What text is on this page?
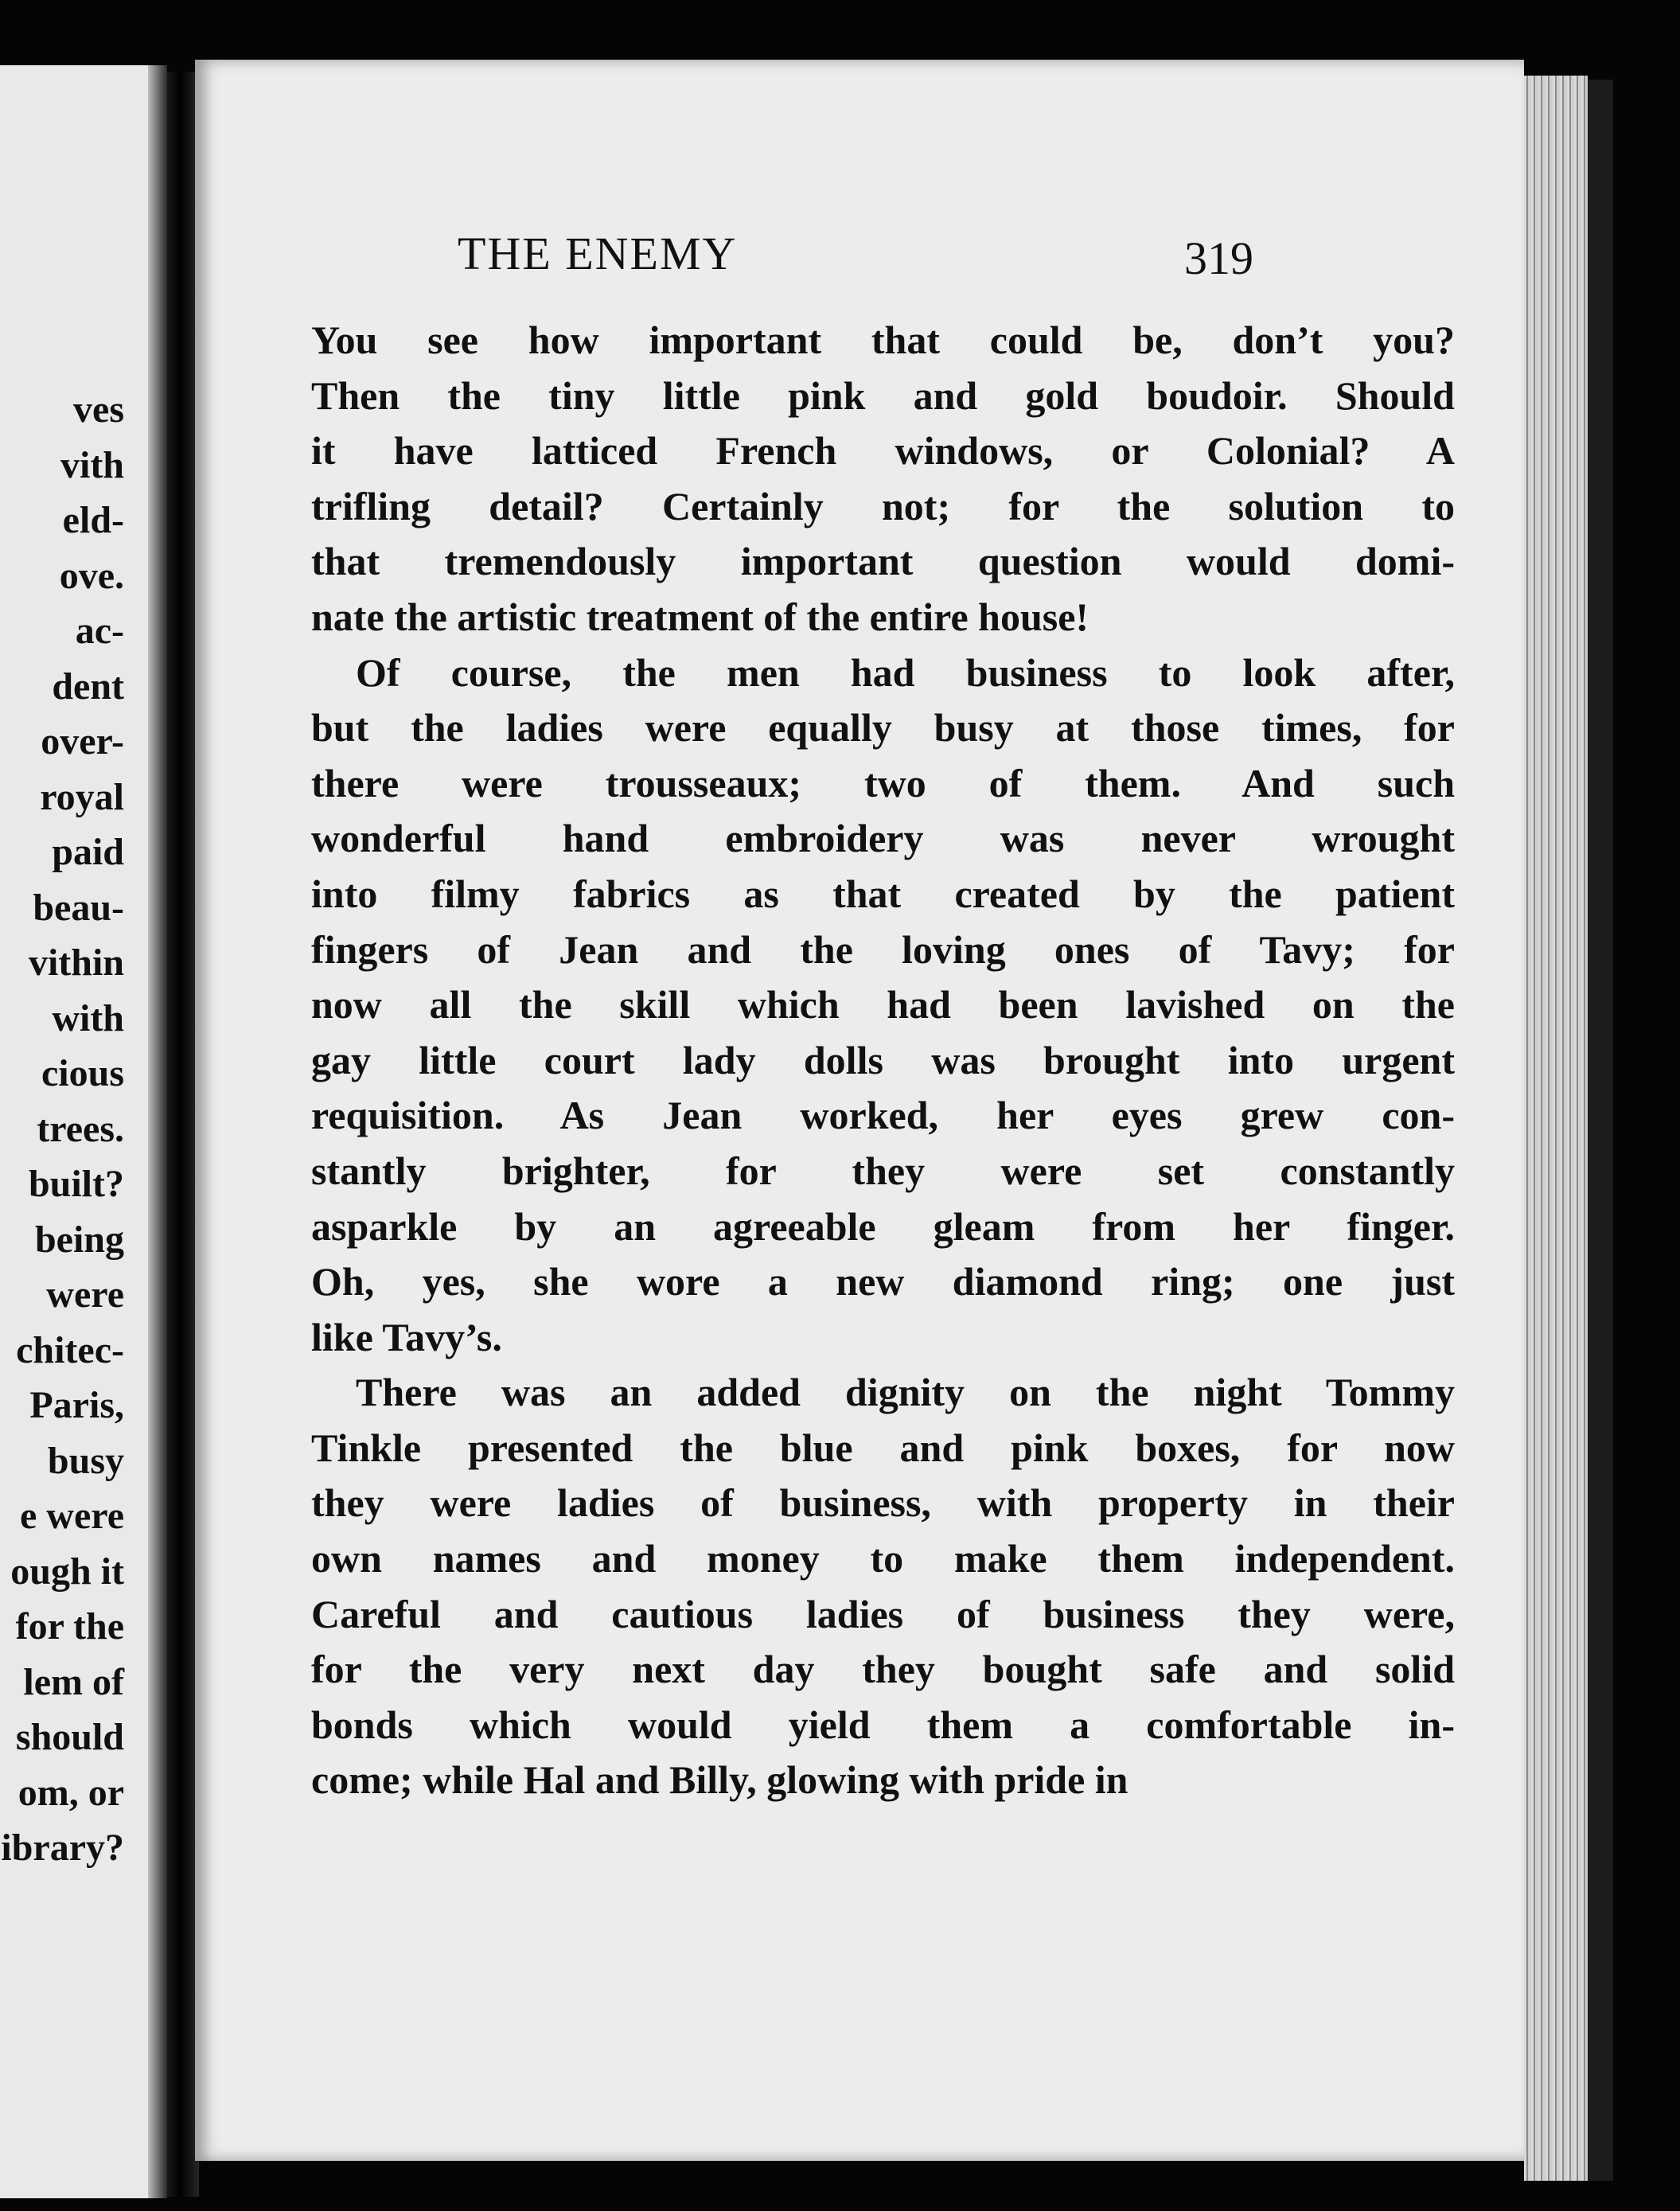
ves
vith
eld-
ove.
ac-
dent
over-
royal
paid
beau-
vithin
with
cious
trees.
built?
being
were
chitec-
Paris,
busy
e were
ough it
for the
lem of
should
om, or
ibrary?
THE ENEMY	319

You see how important that could be, don’t you?
Then the tiny little pink and gold boudoir. Should
it have latticed French windows, or Colonial? A
trifling detail? Certainly not; for the solution to
that tremendously important question would domi-
nate the artistic treatment of the entire house!

Of course, the men had business to look after,
but the ladies were equally busy at those times, for
there were trousseaux; two of them. And such
wonderful hand embroidery was never wrought
into filmy fabrics as that created by the patient
fingers of Jean and the loving ones of Tavy; for
now all the skill which had been lavished on the
gay little court lady dolls was brought into urgent
requisition. As Jean worked, her eyes grew con-
stantly brighter, for they were set constantly
asparkle by an agreeable gleam from her finger.
Oh, yes, she wore a new diamond ring; one just
like Tavy’s.

There was an added dignity on the night Tommy
Tinkle presented the blue and pink boxes, for now
they were ladies of business, with property in their
own names and money to make them independent.
Careful and cautious ladies of business they were,
for the very next day they bought safe and solid
bonds which would yield them a comfortable in-
come; while Hal and Billy, glowing with pride in
